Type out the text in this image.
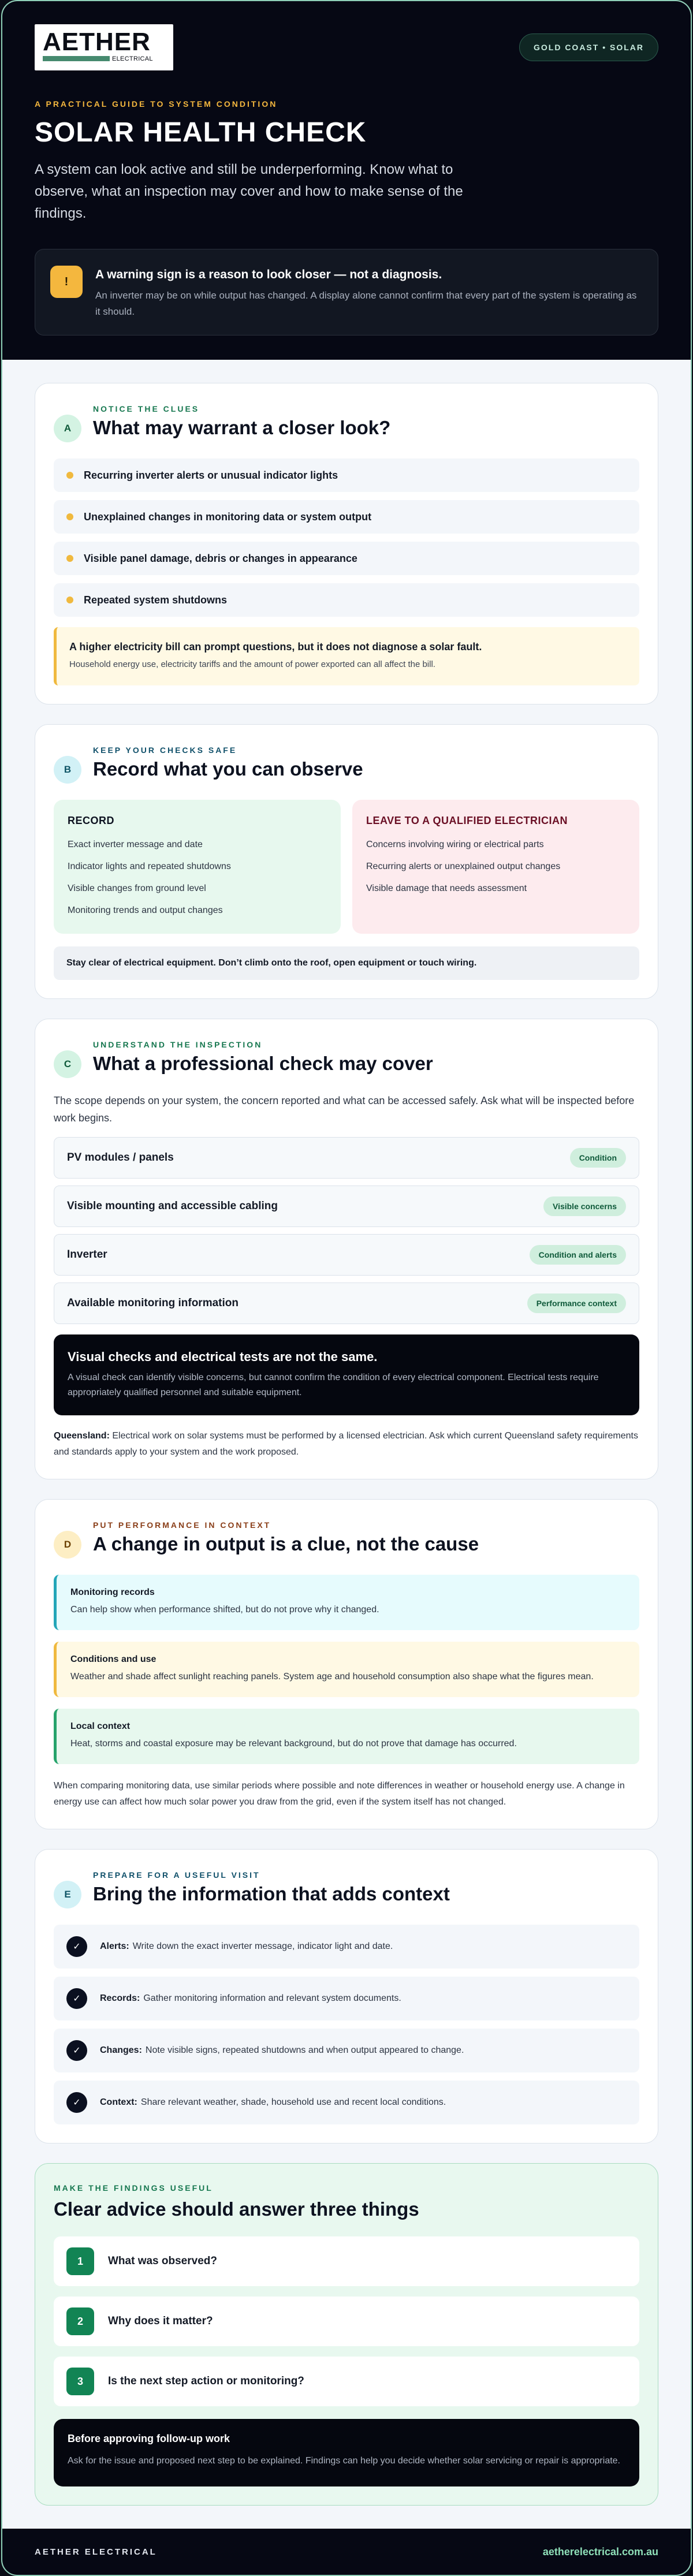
AETHER
ELECTRICAL
GOLD COAST • SOLAR
A PRACTICAL GUIDE TO SYSTEM CONDITION
SOLAR HEALTH CHECK

A system can look active and still be underperforming. Know what to observe, what an inspection may cover and how to make sense of the findings.

!
A warning sign is a reason to look closer — not a diagnosis.
An inverter may be on while output has changed. A display alone cannot confirm that every part of the system is operating as it should.
A
NOTICE THE CLUES
What may warrant a closer look?
Recurring inverter alerts or unusual indicator lights
Unexplained changes in monitoring data or system output
Visible panel damage, debris or changes in appearance
Repeated system shutdowns
A higher electricity bill can prompt questions, but it does not diagnose a solar fault.
Household energy use, electricity tariffs and the amount of power exported can all affect the bill.
B
KEEP YOUR CHECKS SAFE
Record what you can observe
RECORD
Exact inverter message and date
Indicator lights and repeated shutdowns
Visible changes from ground level
Monitoring trends and output changes
LEAVE TO A QUALIFIED ELECTRICIAN
Concerns involving wiring or electrical parts
Recurring alerts or unexplained output changes
Visible damage that needs assessment
Stay clear of electrical equipment. Don’t climb onto the roof, open equipment or touch wiring.
C
UNDERSTAND THE INSPECTION
What a professional check may cover

The scope depends on your system, the concern reported and what can be accessed safely. Ask what will be inspected before work begins.

PV modules / panels	Condition
Visible mounting and accessible cabling	Visible concerns
Inverter	Condition and alerts
Available monitoring information	Performance context
Visual checks and electrical tests are not the same.
A visual check can identify visible concerns, but cannot confirm the condition of every electrical component. Electrical tests require appropriately qualified personnel and suitable equipment.

Queensland: Electrical work on solar systems must be performed by a licensed electrician. Ask which current Queensland safety requirements and standards apply to your system and the work proposed.

D
PUT PERFORMANCE IN CONTEXT
A change in output is a clue, not the cause
Monitoring records
Can help show when performance shifted, but do not prove why it changed.
Conditions and use
Weather and shade affect sunlight reaching panels. System age and household consumption also shape what the figures mean.
Local context
Heat, storms and coastal exposure may be relevant background, but do not prove that damage has occurred.

When comparing monitoring data, use similar periods where possible and note differences in weather or household energy use. A change in energy use can affect how much solar power you draw from the grid, even if the system itself has not changed.

E
PREPARE FOR A USEFUL VISIT
Bring the information that adds context
✓	Alerts: Write down the exact inverter message, indicator light and date.
✓	Records: Gather monitoring information and relevant system documents.
✓	Changes: Note visible signs, repeated shutdowns and when output appeared to change.
✓	Context: Share relevant weather, shade, household use and recent local conditions.
MAKE THE FINDINGS USEFUL
Clear advice should answer three things
1	What was observed?
2	Why does it matter?
3	Is the next step action or monitoring?
Before approving follow-up work
Ask for the issue and proposed next step to be explained. Findings can help you decide whether solar servicing or repair is appropriate.
AETHER ELECTRICAL	aetherelectrical.com.au
